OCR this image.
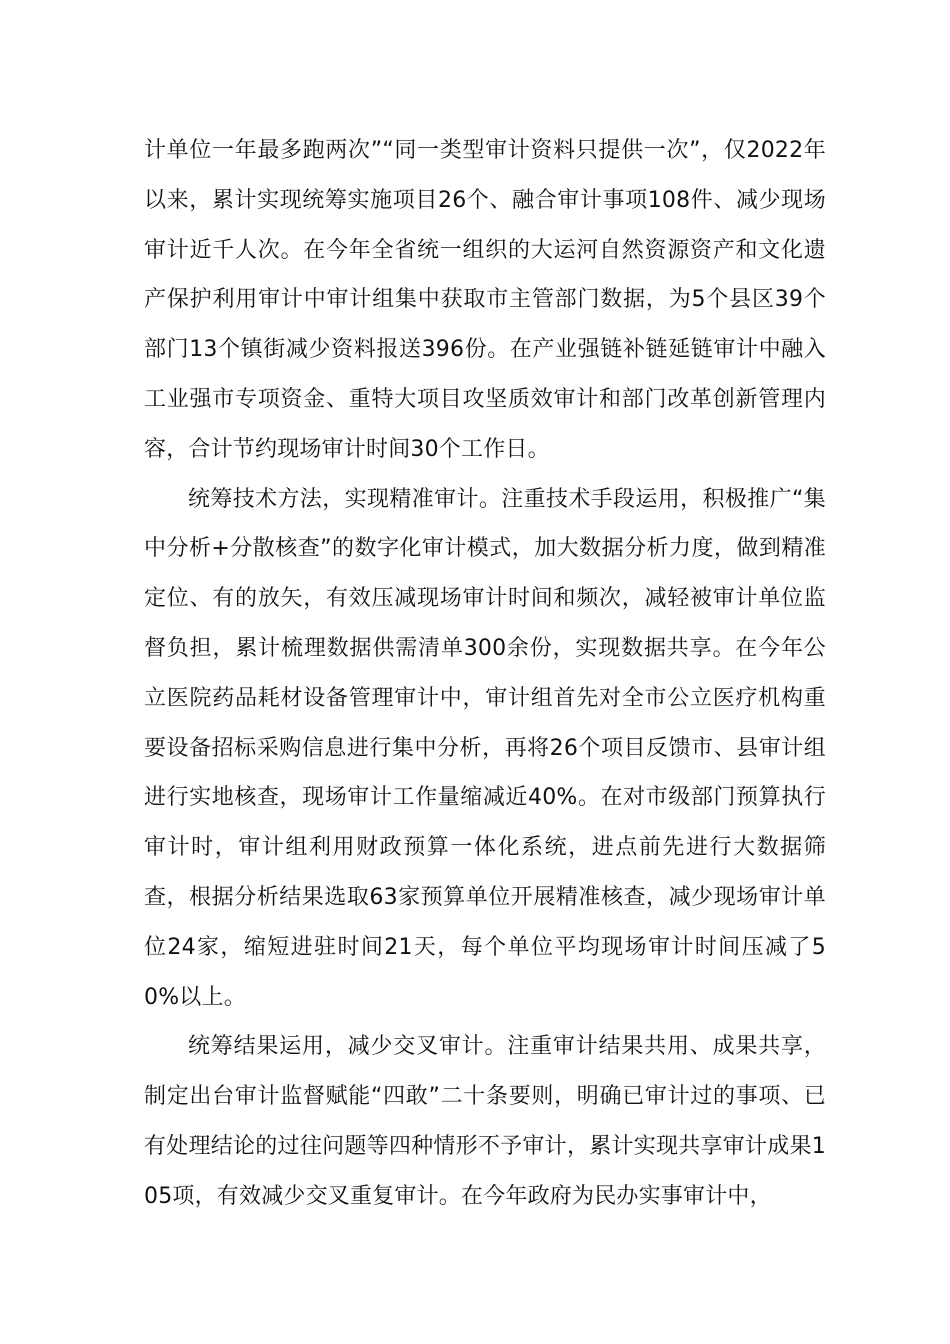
计单位一年最多跑两次”“同一类型审计资料只提供一次”，仅2022年以来，累计实现统筹实施项目26个、融合审计事项108件、减少现场审计近千人次。在今年全省统一组织的大运河自然资源资产和文化遗产保护利用审计中审计组集中获取市主管部门数据，为5个县区39个部门13个镇街减少资料报送396份。在产业强链补链延链审计中融入工业强市专项资金、重特大项目攻坚质效审计和部门改革创新管理内容，合计节约现场审计时间30个工作日。

统筹技术方法，实现精准审计。注重技术手段运用，积极推广“集中分析+分散核查”的数字化审计模式，加大数据分析力度，做到精准定位、有的放矢，有效压减现场审计时间和频次，减轻被审计单位监督负担，累计梳理数据供需清单300余份，实现数据共享。在今年公立医院药品耗材设备管理审计中，审计组首先对全市公立医疗机构重要设备招标采购信息进行集中分析，再将26个项目反馈市、县审计组进行实地核查，现场审计工作量缩减近40%。在对市级部门预算执行审计时，审计组利用财政预算一体化系统，进点前先进行大数据筛查，根据分析结果选取63家预算单位开展精准核查，减少现场审计单位24家，缩短进驻时间21天，每个单位平均现场审计时间压减了50%以上。

统筹结果运用，减少交叉审计。注重审计结果共用、成果共享，制定出台审计监督赋能“四敢”二十条要则，明确已审计过的事项、已有处理结论的过往问题等四种情形不予审计，累计实现共享审计成果105项，有效减少交叉重复审计。在今年政府为民办实事审计中，
